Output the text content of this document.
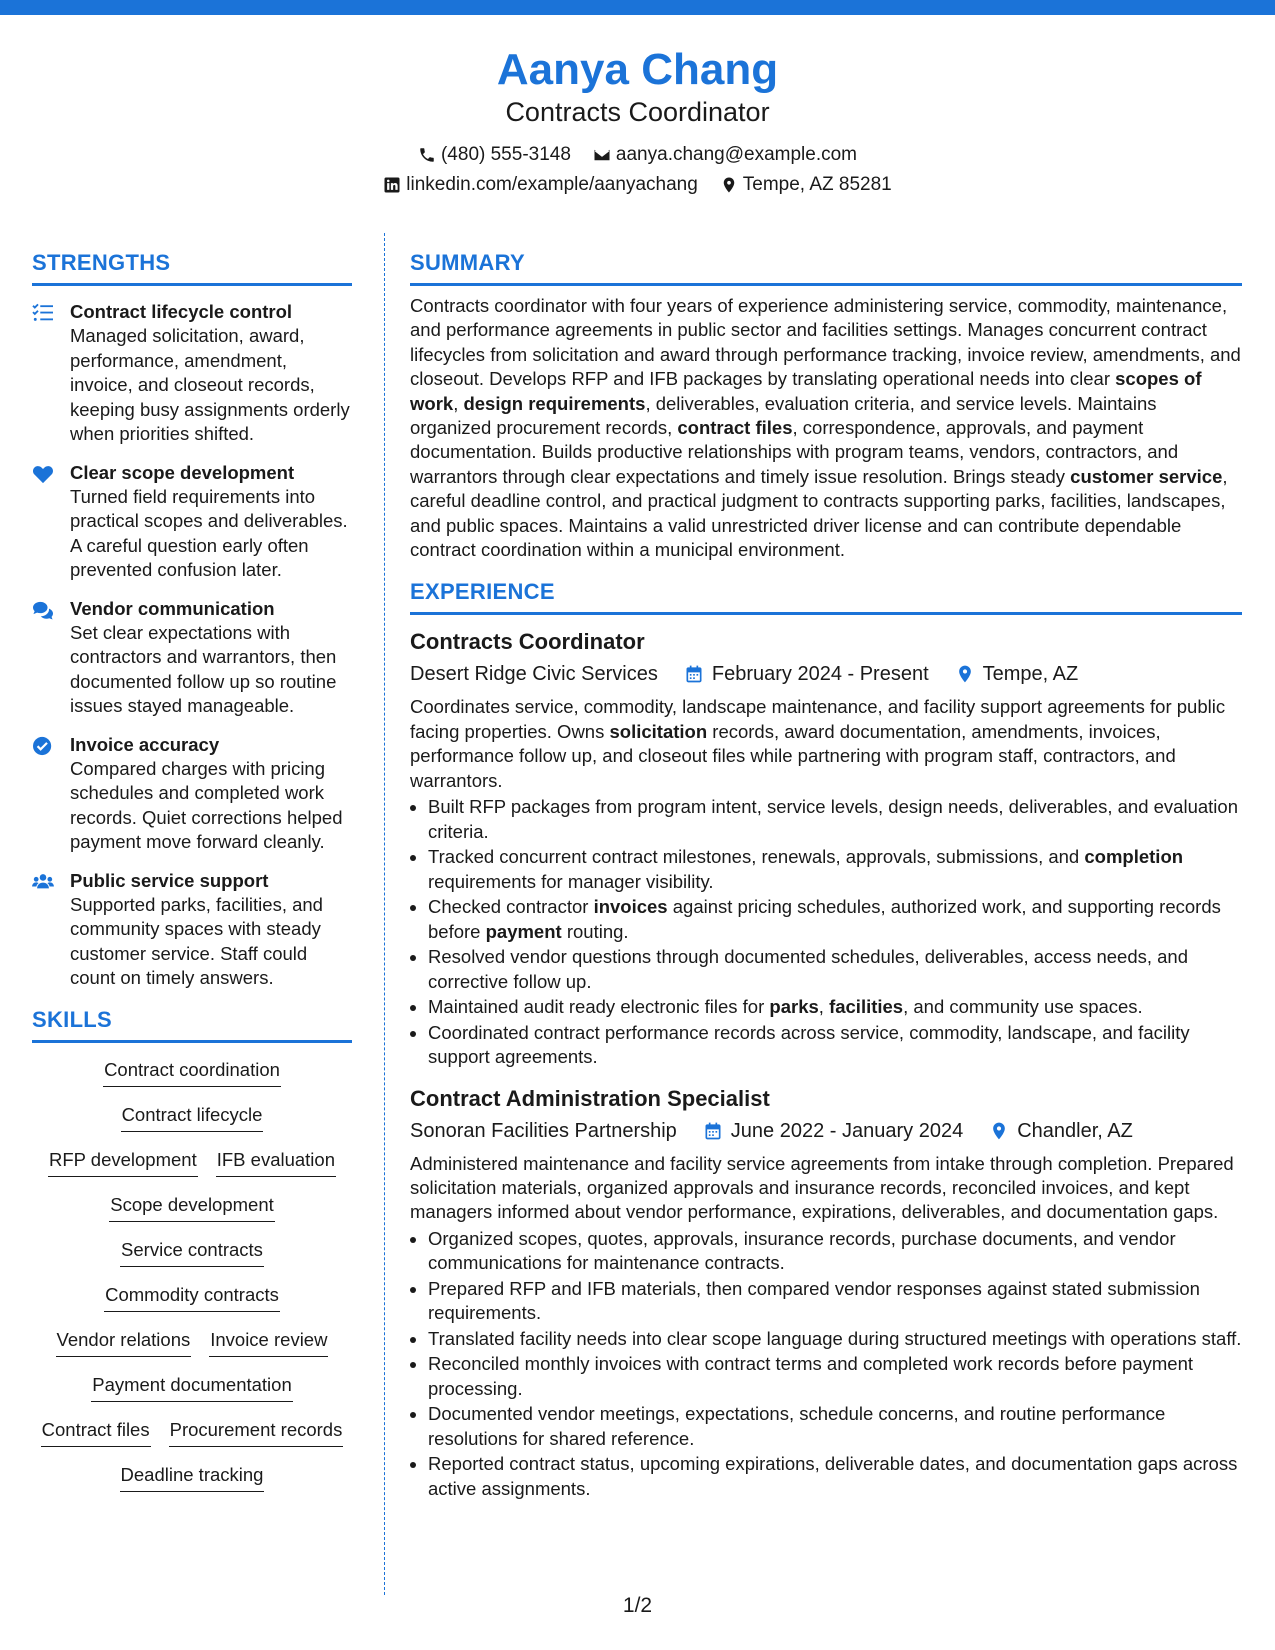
Aanya Chang
Contracts Coordinator
(480) 555-3148 aanya.chang@example.com
linkedin.com/example/aanyachang Tempe, AZ 85281
STRENGTHS
Contract lifecycle control
Managed solicitation, award, performance, amendment, invoice, and closeout records, keeping busy assignments orderly when priorities shifted.
Clear scope development
Turned field requirements into practical scopes and deliverables. A careful question early often prevented confusion later.
Vendor communication
Set clear expectations with contractors and warrantors, then documented follow up so routine issues stayed manageable.
Invoice accuracy
Compared charges with pricing schedules and completed work records. Quiet corrections helped payment move forward cleanly.
Public service support
Supported parks, facilities, and community spaces with steady customer service. Staff could count on timely answers.
SKILLS
Contract coordination
Contract lifecycle
RFP development IFB evaluation
Scope development
Service contracts
Commodity contracts
Vendor relations Invoice review
Payment documentation
Contract files Procurement records
Deadline tracking
SUMMARY
Contracts coordinator with four years of experience administering service, commodity, maintenance, and performance agreements in public sector and facilities settings. Manages concurrent contract lifecycles from solicitation and award through performance tracking, invoice review, amendments, and closeout. Develops RFP and IFB packages by translating operational needs into clear scopes of work, design requirements, deliverables, evaluation criteria, and service levels. Maintains organized procurement records, contract files, correspondence, approvals, and payment documentation. Builds productive relationships with program teams, vendors, contractors, and warrantors through clear expectations and timely issue resolution. Brings steady customer service, careful deadline control, and practical judgment to contracts supporting parks, facilities, landscapes, and public spaces. Maintains a valid unrestricted driver license and can contribute dependable contract coordination within a municipal environment.
EXPERIENCE
Contracts Coordinator
Desert Ridge Civic Services	February 2024 - Present	Tempe, AZ
Coordinates service, commodity, landscape maintenance, and facility support agreements for public facing properties. Owns solicitation records, award documentation, amendments, invoices, performance follow up, and closeout files while partnering with program staff, contractors, and warrantors.
• Built RFP packages from program intent, service levels, design needs, deliverables, and evaluation criteria.
• Tracked concurrent contract milestones, renewals, approvals, submissions, and completion requirements for manager visibility.
• Checked contractor invoices against pricing schedules, authorized work, and supporting records before payment routing.
• Resolved vendor questions through documented schedules, deliverables, access needs, and corrective follow up.
• Maintained audit ready electronic files for parks, facilities, and community use spaces.
• Coordinated contract performance records across service, commodity, landscape, and facility support agreements.
Contract Administration Specialist
Sonoran Facilities Partnership	June 2022 - January 2024	Chandler, AZ
Administered maintenance and facility service agreements from intake through completion. Prepared solicitation materials, organized approvals and insurance records, reconciled invoices, and kept managers informed about vendor performance, expirations, deliverables, and documentation gaps.
• Organized scopes, quotes, approvals, insurance records, purchase documents, and vendor communications for maintenance contracts.
• Prepared RFP and IFB materials, then compared vendor responses against stated submission requirements.
• Translated facility needs into clear scope language during structured meetings with operations staff.
• Reconciled monthly invoices with contract terms and completed work records before payment processing.
• Documented vendor meetings, expectations, schedule concerns, and routine performance resolutions for shared reference.
• Reported contract status, upcoming expirations, deliverable dates, and documentation gaps across active assignments.
1/2
